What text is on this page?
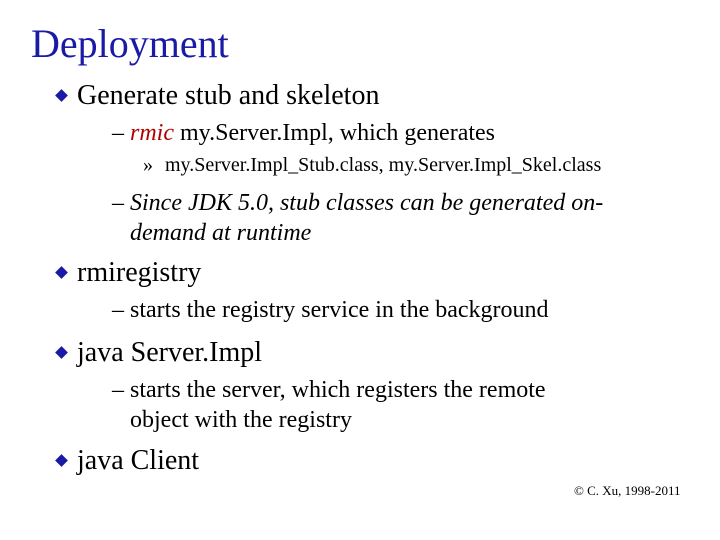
Deployment
Generate stub and skeleton
– rmic my.Server.Impl, which generates
» my.Server.Impl_Stub.class, my.Server.Impl_Skel.class
– Since JDK 5.0, stub classes can be generated on-
demand at runtime
rmiregistry
– starts the registry service in the background
java Server.Impl
– starts the server, which registers the remote
object with the registry
java Client
© C. Xu, 1998-2011
